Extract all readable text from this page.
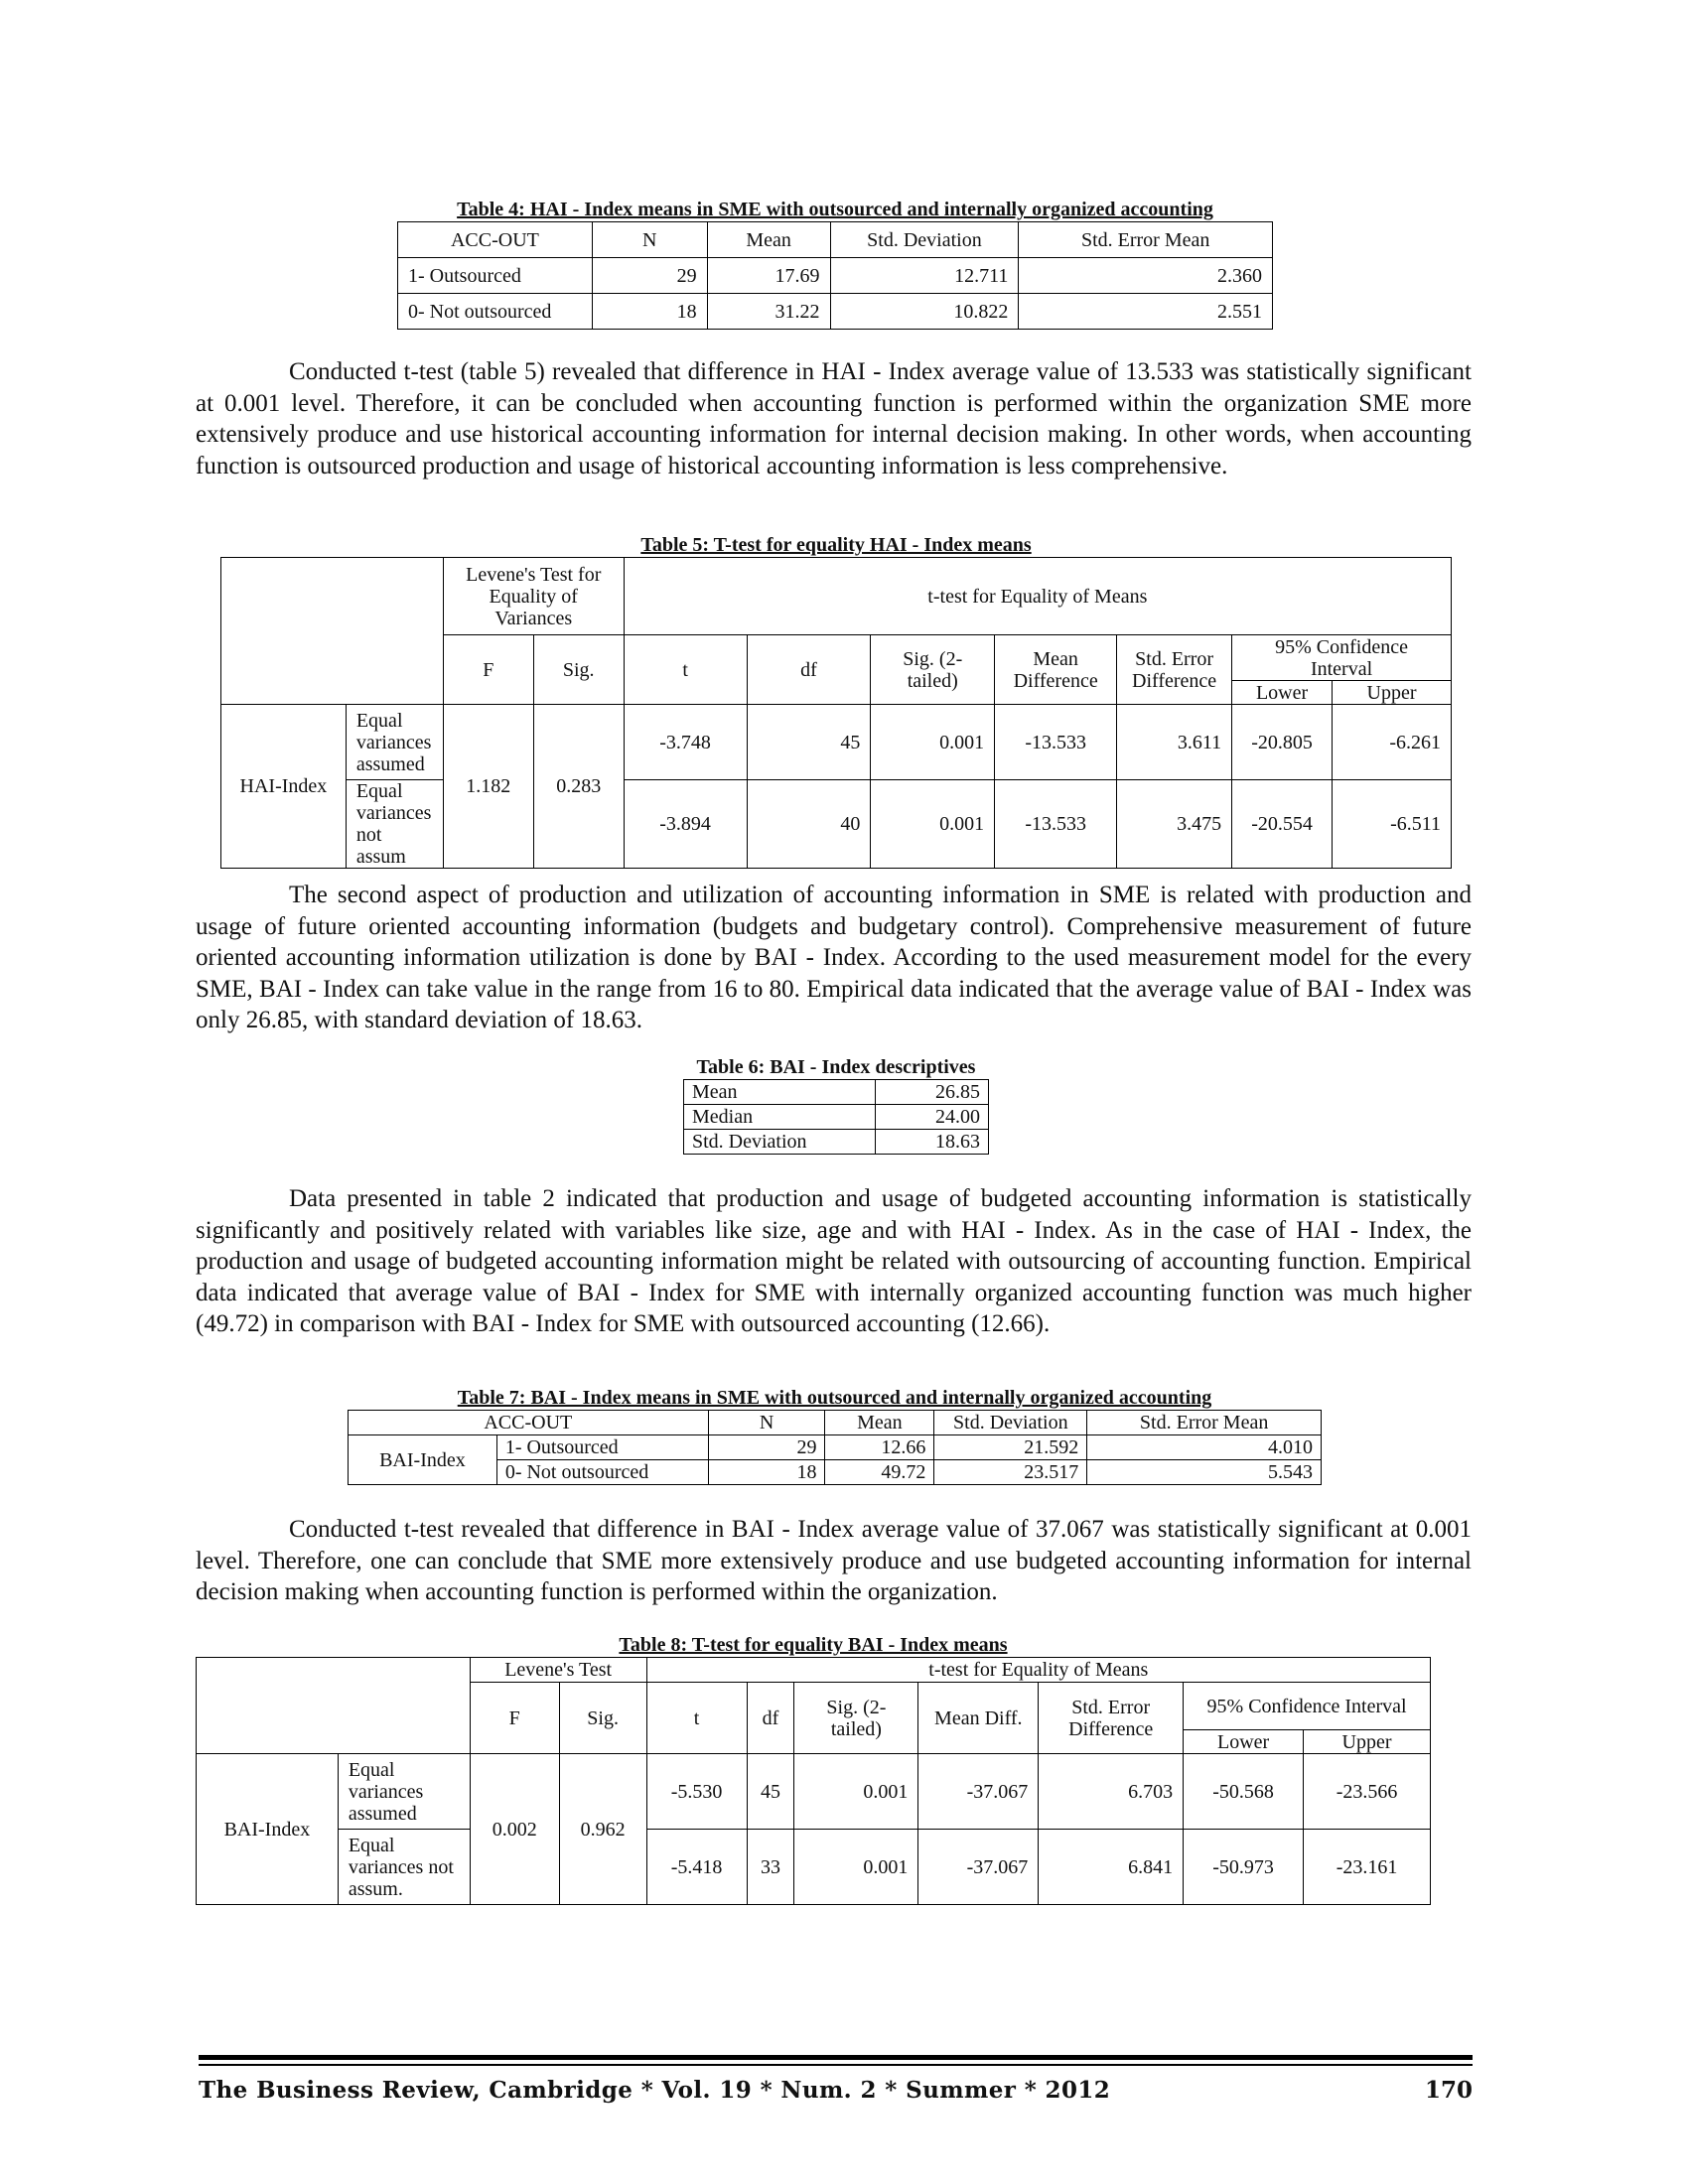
Table 4: HAI - Index means in SME with outsourced and internally organized accounting
ACC-OUT	N	Mean	Std. Deviation	Std. Error Mean
1- Outsourced	29	17.69	12.711	2.360
0- Not outsourced	18	31.22	10.822	2.551

Conducted t-test (table 5) revealed that difference in HAI - Index average value of 13.533 was statistically significant at 0.001 level. Therefore, it can be concluded when accounting function is performed within the organization SME more extensively produce and use historical accounting information for internal decision making. In other words, when accounting function is outsourced production and usage of historical accounting information is less comprehensive.

Table 5: T-test for equality HAI - Index means
		Levene's Test for Equality of Variances		t-test for Equality of Means						
		F	Sig.	t	df	Sig. (2-tailed)	Mean Difference	Std. Error Difference	95% Confidence Interval	
									Lower	Upper
HAI-Index	Equal variances assumed	1.182	0.283	-3.748	45	0.001	-13.533	3.611	-20.805	-6.261
	Equal variances not assum			-3.894	40	0.001	-13.533	3.475	-20.554	-6.511

The second aspect of production and utilization of accounting information in SME is related with production and usage of future oriented accounting information (budgets and budgetary control). Comprehensive measurement of future oriented accounting information utilization is done by BAI - Index. According to the used measurement model for the every SME, BAI - Index can take value in the range from 16 to 80. Empirical data indicated that the average value of BAI - Index was only 26.85, with standard deviation of 18.63.

Table 6: BAI - Index descriptives
Mean	26.85
Median	24.00
Std. Deviation	18.63

Data presented in table 2 indicated that production and usage of budgeted accounting information is statistically significantly and positively related with variables like size, age and with HAI - Index. As in the case of HAI - Index, the production and usage of budgeted accounting information might be related with outsourcing of accounting function. Empirical data indicated that average value of BAI - Index for SME with internally organized accounting function was much higher (49.72) in comparison with BAI - Index for SME with outsourced accounting (12.66).

Table 7: BAI - Index means in SME with outsourced and internally organized accounting
ACC-OUT		N	Mean	Std. Deviation	Std. Error Mean
BAI-Index	1- Outsourced	29	12.66	21.592	4.010
	0- Not outsourced	18	49.72	23.517	5.543

Conducted t-test revealed that difference in BAI - Index average value of 37.067 was statistically significant at 0.001 level. Therefore, one can conclude that SME more extensively produce and use budgeted accounting information for internal decision making when accounting function is performed within the organization.

Table 8: T-test for equality BAI - Index means
		Levene's Test		t-test for Equality of Means						
		F	Sig.	t	df	Sig. (2-tailed)	Mean Diff.	Std. Error Difference	95% Confidence Interval	
									Lower	Upper
BAI-Index	Equal variances assumed	0.002	0.962	-5.530	45	0.001	-37.067	6.703	-50.568	-23.566
	Equal variances not assum.			-5.418	33	0.001	-37.067	6.841	-50.973	-23.161
The Business Review, Cambridge * Vol. 19 * Num. 2 * Summer * 2012	170
